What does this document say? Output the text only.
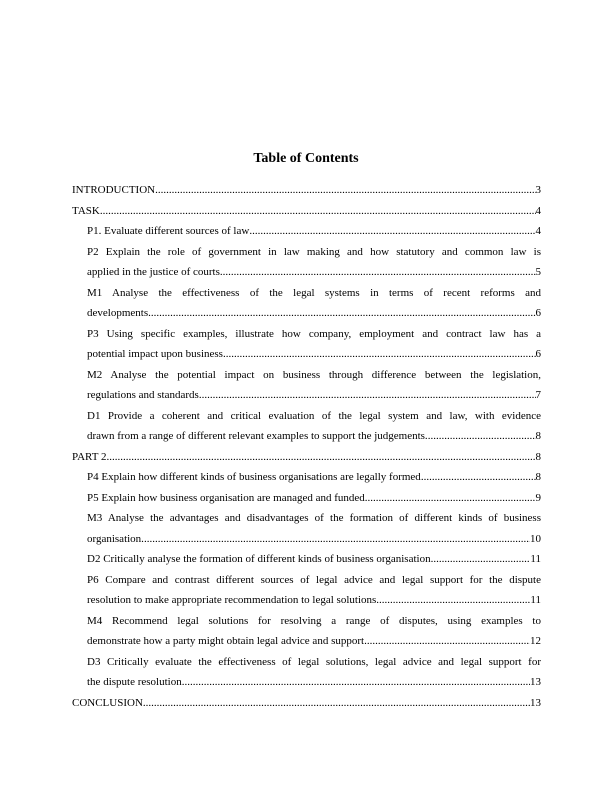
Table of Contents
INTRODUCTION .....	3
TASK .....	4
P1. Evaluate different sources of law .....	4
P2 Explain the role of government in law making and how statutory and common law is
applied in the justice of courts .....	5
M1 Analyse the effectiveness of the legal systems in terms of recent reforms and
developments .....	6
P3 Using specific examples, illustrate how company, employment and contract law has a
potential impact upon business .....	6
M2 Analyse the potential impact on business through difference between the legislation,
regulations and standards .....	7
D1 Provide a coherent and critical evaluation of the legal system and law, with evidence
drawn from a range of different relevant examples to support the judgements. .....	8
PART 2 .....	8
P4 Explain how different kinds of business organisations are legally formed .....	8
P5 Explain how business organisation are managed and funded .....	9
M3 Analyse the advantages and disadvantages of the formation of different kinds of business
organisation. .....	10
D2 Critically analyse the formation of different kinds of business organisation .....	11
P6 Compare and contrast different sources of legal advice and legal support for the dispute
resolution to make appropriate recommendation to legal solutions. .....	11
M4 Recommend legal solutions for resolving a range of disputes, using examples to
demonstrate how a party might obtain legal advice and support .....	12
D3 Critically evaluate the effectiveness of legal solutions, legal advice and legal support for
the dispute resolution. .....	13
CONCLUSION .....	13
